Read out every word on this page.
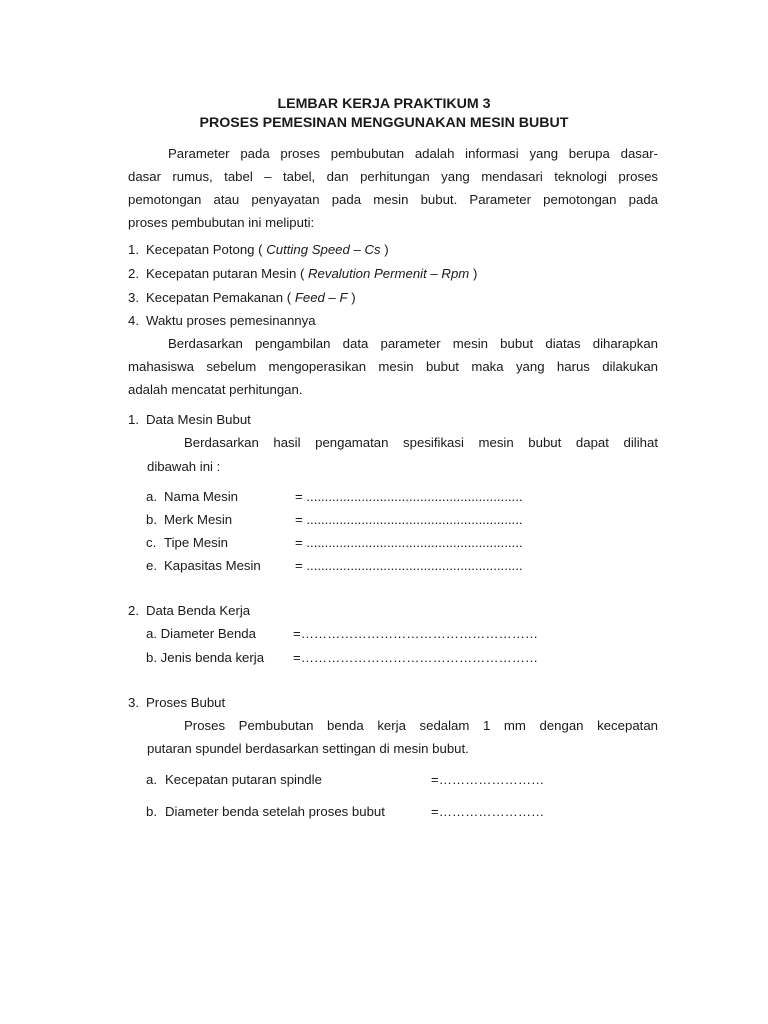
LEMBAR KERJA PRAKTIKUM 3
PROSES PEMESINAN MENGGUNAKAN MESIN BUBUT
Parameter pada proses pembubutan adalah informasi yang berupa dasar-
dasar rumus, tabel – tabel, dan perhitungan yang mendasari teknologi proses
pemotongan atau penyayatan pada mesin bubut. Parameter pemotongan pada
proses pembubutan ini meliputi:
1. Kecepatan Potong ( Cutting Speed – Cs )
2. Kecepatan putaran Mesin ( Revalution Permenit – Rpm )
3. Kecepatan Pemakanan ( Feed – F )
4. Waktu proses pemesinannya
Berdasarkan pengambilan data parameter mesin bubut diatas diharapkan
mahasiswa sebelum mengoperasikan mesin bubut maka yang harus dilakukan
adalah mencatat perhitungan.
1. Data Mesin Bubut
Berdasarkan hasil pengamatan spesifikasi mesin bubut dapat dilihat
dibawah ini :
a. Nama Mesin	= ...........................................................
b. Merk Mesin	= ...........................................................
c. Tipe Mesin	= ...........................................................
e. Kapasitas Mesin	= ...........................................................
2. Data Benda Kerja
a. Diameter Benda	=………………………………………………
b. Jenis benda kerja =………………………………………………
3. Proses Bubut
Proses Pembubutan benda kerja sedalam 1 mm dengan kecepatan
putaran spundel berdasarkan settingan di mesin bubut.
a. Kecepatan putaran spindle	=……………………
b. Diameter benda setelah proses bubut	=……………………
